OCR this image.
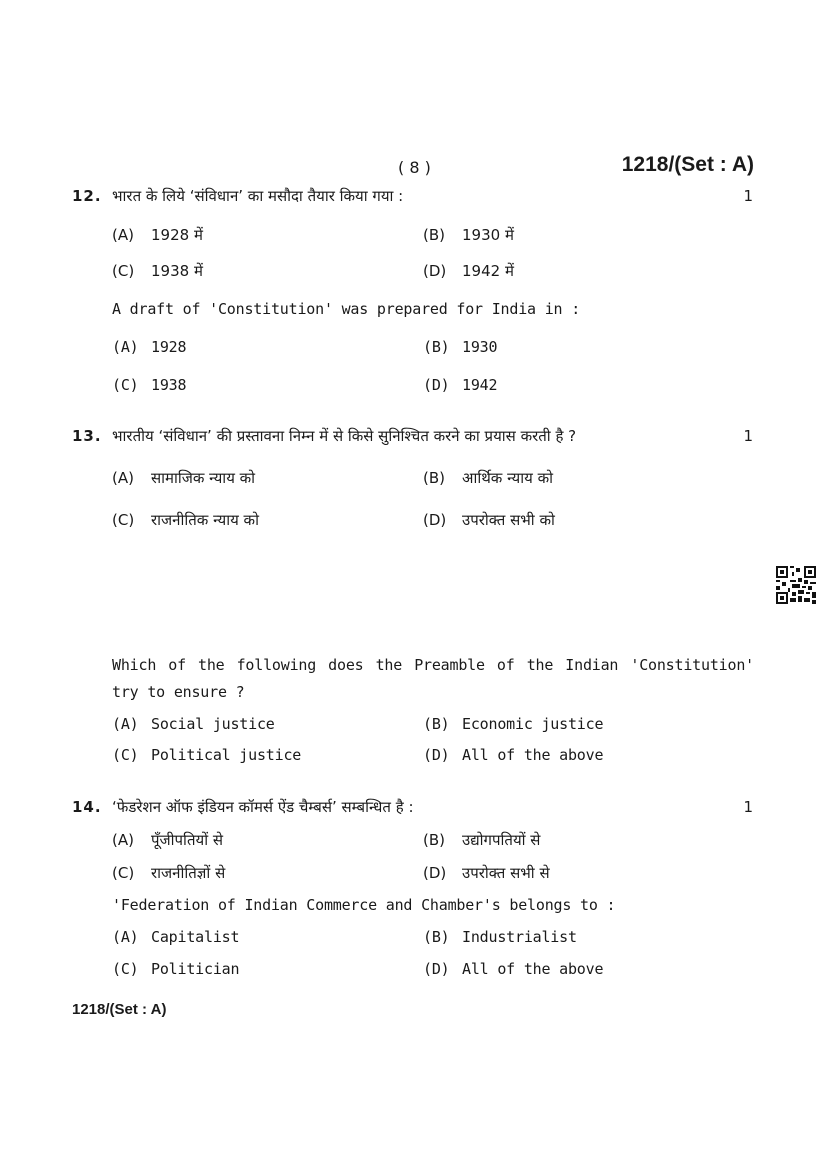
( 8 )	1218/(Set : A)
12. भारत के लिये ‘संविधान’ का मसौदा तैयार किया गया :	1
(A) 1928 में	(B) 1930 में
(C) 1938 में	(D) 1942 में
A draft of 'Constitution' was prepared for India in :
(A) 1928	(B) 1930
(C) 1938	(D) 1942
13. भारतीय ‘संविधान’ की प्रस्तावना निम्न में से किसे सुनिश्चित करने का प्रयास करती है ?	1
(A) सामाजिक न्याय को	(B) आर्थिक न्याय को
(C) राजनीतिक न्याय को	(D) उपरोक्त सभी को
Which of the following does the Preamble of the Indian 'Constitution' try to ensure ?
(A) Social justice	(B) Economic justice
(C) Political justice	(D) All of the above
14. ‘फेडरेशन ऑफ इंडियन कॉमर्स ऐंड चैम्बर्स’ सम्बन्धित है :	1
(A) पूँजीपतियों से	(B) उद्योगपतियों से
(C) राजनीतिज्ञों से	(D) उपरोक्त सभी से
'Federation of Indian Commerce and Chamber's belongs to :
(A) Capitalist	(B) Industrialist
(C) Politician	(D) All of the above
1218/(Set : A)
